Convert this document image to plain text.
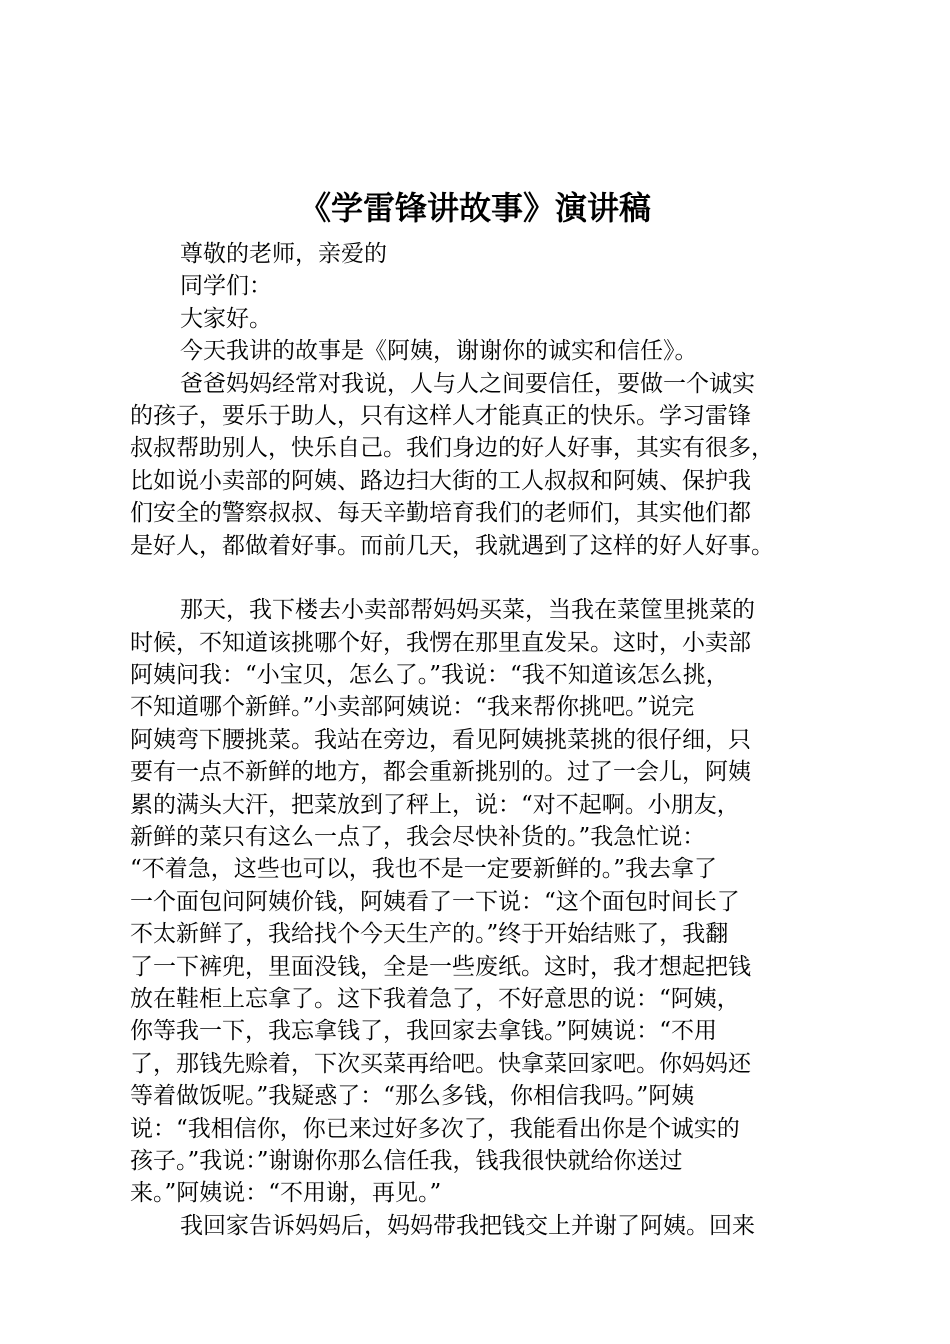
《学雷锋讲故事》演讲稿
尊敬的老师，亲爱的
同学们：
大家好。
今天我讲的故事是《阿姨，谢谢你的诚实和信任》。
爸爸妈妈经常对我说，人与人之间要信任，要做一个诚实
的孩子，要乐于助人，只有这样人才能真正的快乐。学习雷锋
叔叔帮助别人，快乐自己。我们身边的好人好事，其实有很多，
比如说小卖部的阿姨、路边扫大街的工人叔叔和阿姨、保护我
们安全的警察叔叔、每天辛勤培育我们的老师们，其实他们都
是好人，都做着好事。而前几天，我就遇到了这样的好人好事。
那天，我下楼去小卖部帮妈妈买菜，当我在菜筐里挑菜的
时候，不知道该挑哪个好，我愣在那里直发呆。这时，小卖部
阿姨问我：“小宝贝，怎么了。”我说：“我不知道该怎么挑，
不知道哪个新鲜。”小卖部阿姨说：“我来帮你挑吧。”说完
阿姨弯下腰挑菜。我站在旁边，看见阿姨挑菜挑的很仔细，只
要有一点不新鲜的地方，都会重新挑别的。过了一会儿，阿姨
累的满头大汗，把菜放到了秤上，说：“对不起啊。小朋友，
新鲜的菜只有这么一点了，我会尽快补货的。”我急忙说：
“不着急，这些也可以，我也不是一定要新鲜的。”我去拿了
一个面包问阿姨价钱，阿姨看了一下说：“这个面包时间长了
不太新鲜了，我给找个今天生产的。”终于开始结账了，我翻
了一下裤兜，里面没钱，全是一些废纸。这时，我才想起把钱
放在鞋柜上忘拿了。这下我着急了，不好意思的说：“阿姨，
你等我一下，我忘拿钱了，我回家去拿钱。”阿姨说：“不用
了，那钱先赊着，下次买菜再给吧。快拿菜回家吧。你妈妈还
等着做饭呢。”我疑惑了：“那么多钱，你相信我吗。”阿姨
说：“我相信你，你已来过好多次了，我能看出你是个诚实的
孩子。”我说：”谢谢你那么信任我，钱我很快就给你送过
来。”阿姨说：“不用谢，再见。”
我回家告诉妈妈后，妈妈带我把钱交上并谢了阿姨。回来
